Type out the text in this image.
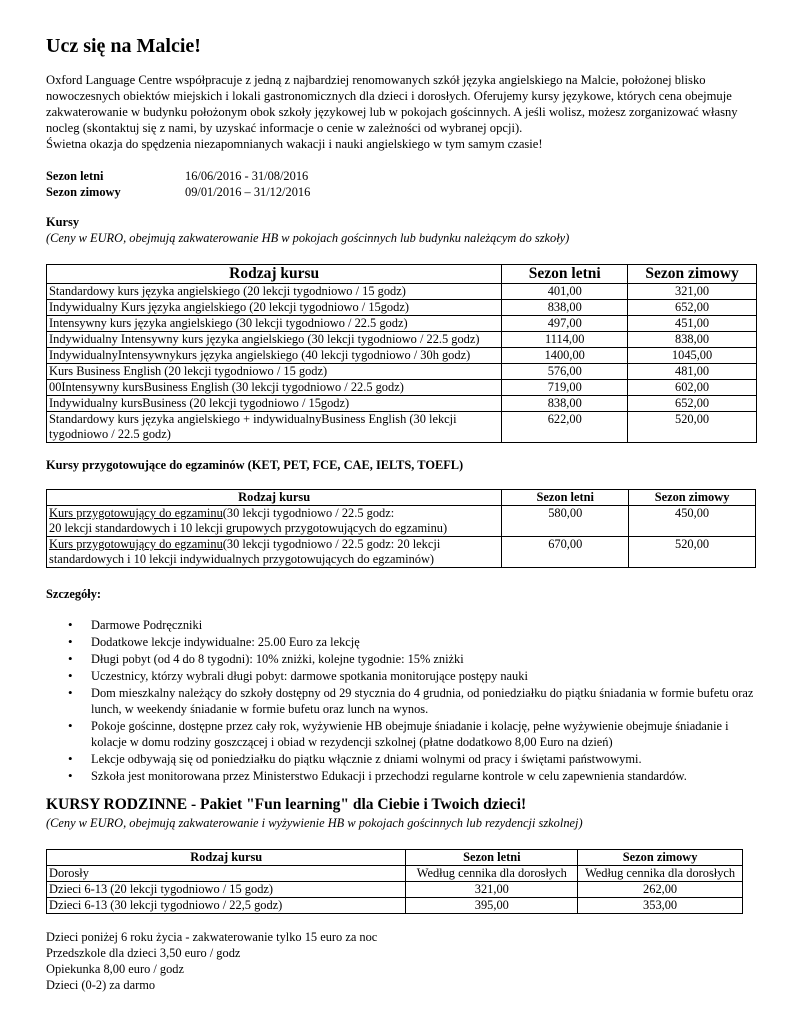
Ucz się na Malcie!
Oxford Language Centre współpracuje z jedną z najbardziej renomowanych szkół języka angielskiego na Malcie, położonej blisko
nowoczesnych obiektów miejskich i lokali gastronomicznych dla dzieci i dorosłych. Oferujemy kursy językowe, których cena obejmuje
zakwaterowanie w budynku położonym obok szkoły językowej lub w pokojach gościnnych. A jeśli wolisz, możesz zorganizować własny
nocleg (skontaktuj się z nami, by uzyskać informacje o cenie w zależności od wybranej opcji).
Świetna okazja do spędzenia niezapomnianych wakacji i nauki angielskiego w tym samym czasie!
Sezon letni	16/06/2016 - 31/08/2016
Sezon zimowy	09/01/2016 – 31/12/2016
Kursy
(Ceny w EURO, obejmują zakwaterowanie HB w pokojach gościnnych lub budynku należącym do szkoły)
Rodzaj kursu	Sezon letni	Sezon zimowy
Standardowy kurs języka angielskiego (20 lekcji tygodniowo / 15 godz)	401,00	321,00
Indywidualny Kurs języka angielskiego (20 lekcji tygodniowo / 15godz)	838,00	652,00
Intensywny kurs języka angielskiego (30 lekcji tygodniowo / 22.5 godz)	497,00	451,00
Indywidualny Intensywny kurs języka angielskiego (30 lekcji tygodniowo / 22.5 godz)	1114,00	838,00
IndywidualnyIntensywnykurs języka angielskiego (40 lekcji tygodniowo / 30h godz)	1400,00	1045,00
Kurs Business English (20 lekcji tygodniowo / 15 godz)	576,00	481,00
00Intensywny kursBusiness English (30 lekcji tygodniowo / 22.5 godz)	719,00	602,00
Indywidualny kursBusiness (20 lekcji tygodniowo / 15godz)	838,00	652,00
Standardowy kurs języka angielskiego + indywidualnyBusiness English (30 lekcji tygodniowo / 22.5 godz)	622,00	520,00
Kursy przygotowujące do egzaminów (KET, PET, FCE, CAE, IELTS, TOEFL)
Rodzaj kursu	Sezon letni	Sezon zimowy
Kurs przygotowujący do egzaminu(30 lekcji tygodniowo / 22.5 godz:
20 lekcji standardowych i 10 lekcji grupowych przygotowujących do egzaminu)	580,00	450,00
Kurs przygotowujący do egzaminu(30 lekcji tygodniowo / 22.5 godz: 20 lekcji
standardowych i 10 lekcji indywidualnych przygotowujących do egzaminów)	670,00	520,00
Szczegóły:
• Darmowe Podręczniki
• Dodatkowe lekcje indywidualne: 25.00 Euro za lekcję
• Długi pobyt (od 4 do 8 tygodni): 10% zniżki, kolejne tygodnie: 15% zniżki
• Uczestnicy, którzy wybrali długi pobyt: darmowe spotkania monitorujące postępy nauki
• Dom mieszkalny należący do szkoły dostępny od 29 stycznia do 4 grudnia, od poniedziałku do piątku śniadania w formie bufetu oraz lunch, w weekendy śniadanie w formie bufetu oraz lunch na wynos.
• Pokoje gościnne, dostępne przez cały rok, wyżywienie HB obejmuje śniadanie i kolację, pełne wyżywienie obejmuje śniadanie i kolacje w domu rodziny goszczącej i obiad w rezydencji szkolnej (płatne dodatkowo 8,00 Euro na dzień)
• Lekcje odbywają się od poniedziałku do piątku włącznie z dniami wolnymi od pracy i świętami państwowymi.
• Szkoła jest monitorowana przez Ministerstwo Edukacji i przechodzi regularne kontrole w celu zapewnienia standardów.
KURSY RODZINNE - Pakiet "Fun learning" dla Ciebie i Twoich dzieci!
(Ceny w EURO, obejmują zakwaterowanie i wyżywienie HB w pokojach gościnnych lub rezydencji szkolnej)
Rodzaj kursu	Sezon letni	Sezon zimowy
Dorosły	Według cennika dla dorosłych	Według cennika dla dorosłych
Dzieci 6-13 (20 lekcji tygodniowo / 15 godz)	321,00	262,00
Dzieci 6-13 (30 lekcji tygodniowo / 22,5 godz)	395,00	353,00
Dzieci poniżej 6 roku życia - zakwaterowanie tylko 15 euro za noc
Przedszkole dla dzieci 3,50 euro / godz
Opiekunka 8,00 euro / godz
Dzieci (0-2) za darmo
